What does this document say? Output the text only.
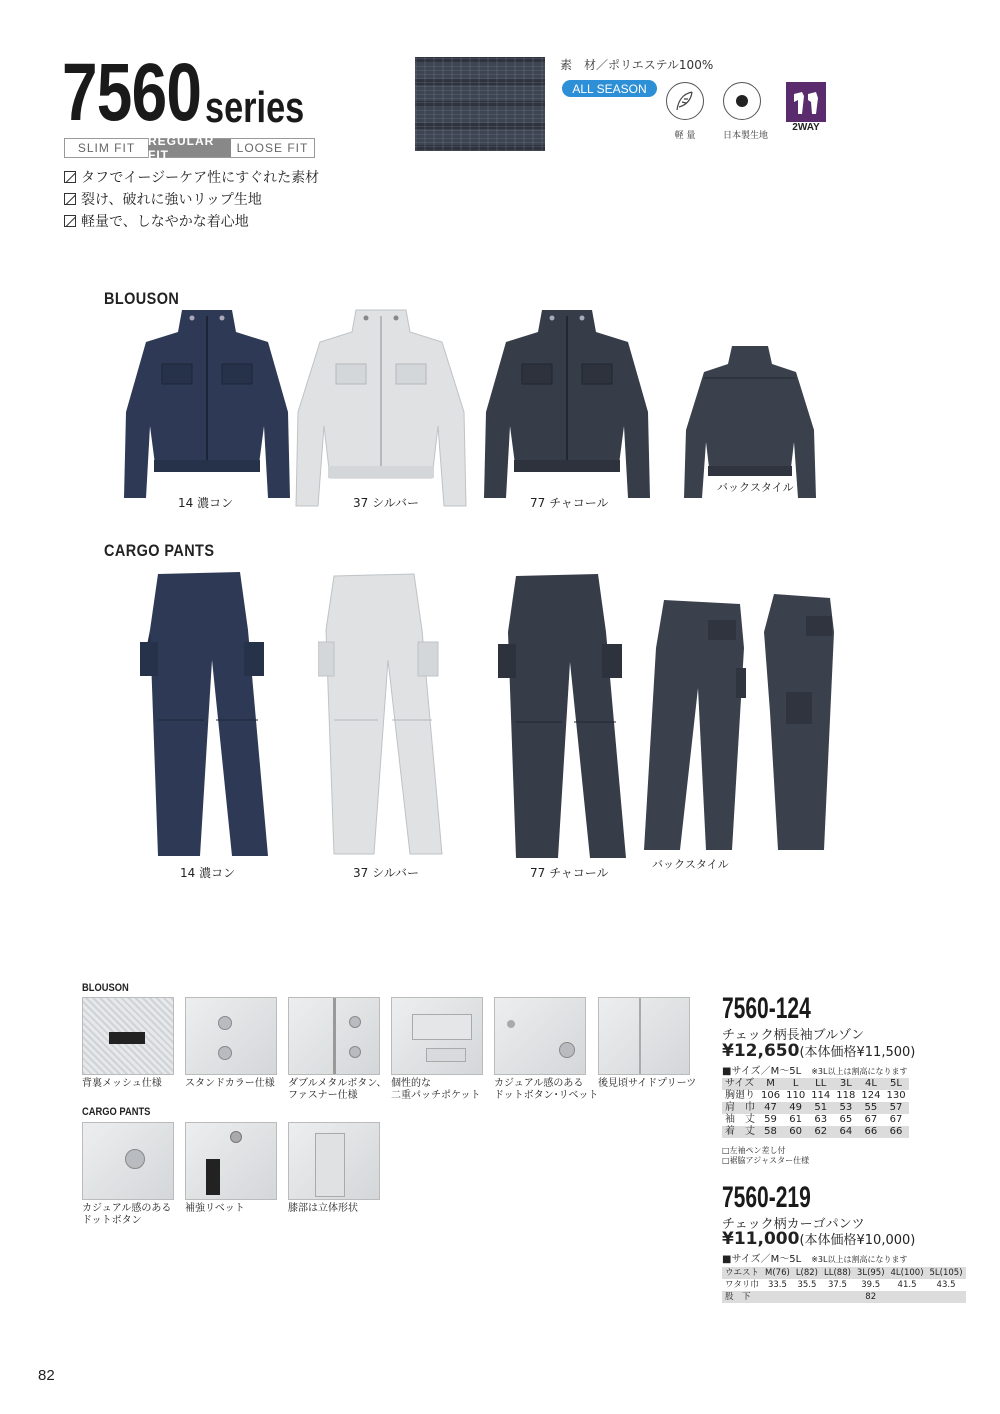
7560 series
SLIM FIT	REGULAR FIT	LOOSE FIT
タフでイージーケア性にすぐれた素材
裂け、破れに強いリップ生地
軽量で、しなやかな着心地
素　材／ポリエステル100%
ALL SEASON
軽 量	日本製生地
2WAY
BLOUSON
14 濃コン	37 シルバー	77 チャコール
バックスタイル
CARGO PANTS
14 濃コン	37 シルバー	77 チャコール
バックスタイル
BLOUSON
背裏メッシュ仕様	スタンドカラー仕様 ダブルメタルボタン、
ファスナー仕様
個性的な
二重パッチポケット
カジュアル感のある
ドットボタン･リベット
後見頃サイドプリーツ
CARGO PANTS
カジュアル感のある
ドットボタン
補強リベット	膝部は立体形状
7560-124
チェック柄長袖ブルゾン
¥12,650(本体価格¥11,500)
■サイズ／M～5L ※3L以上は割高になります
サイズ	M	L	LL	3L	4L	5L
胸廻り	106	110	114	118	124	130
肩　巾	47	49	51	53	55	57
袖　丈	59	61	63	65	67	67
着　丈	58	60	62	64	66	66
□左袖ペン差し付
□裾脇アジャスター仕様
7560-219
チェック柄カーゴパンツ
¥11,000(本体価格¥10,000)
■サイズ／M～5L ※3L以上は割高になります
ウエスト	M(76)	L(82)	LL(88)	3L(95)	4L(100)	5L(105)
ワタリ巾	33.5	35.5	37.5	39.5	41.5	43.5
股　下				82		
82
